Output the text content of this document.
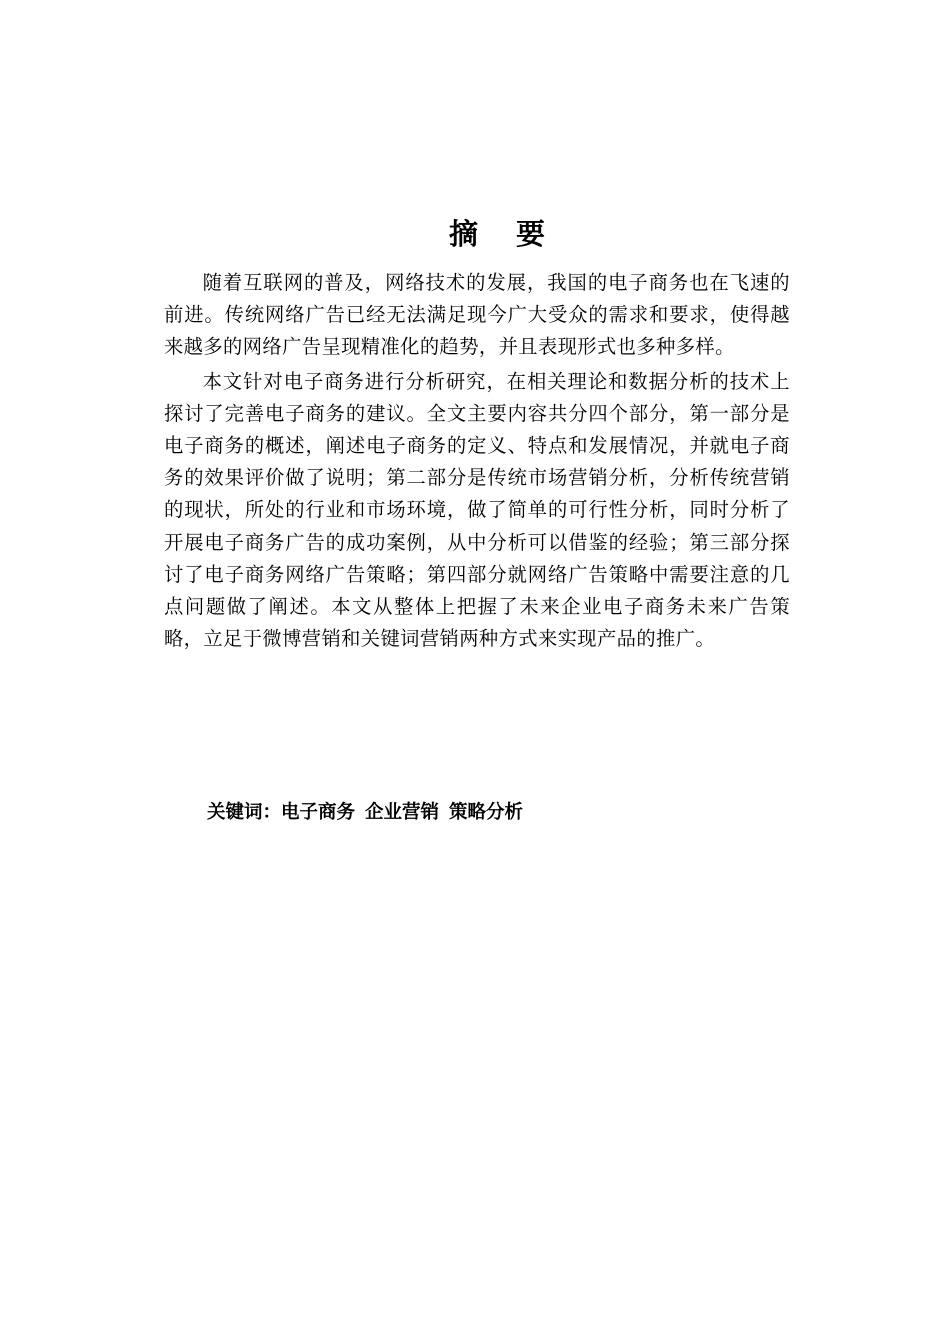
摘 要

随着互联网的普及，网络技术的发展，我国的电子商务也在飞速的前进。传统网络广告已经无法满足现今广大受众的需求和要求，使得越来越多的网络广告呈现精准化的趋势，并且表现形式也多种多样。

本文针对电子商务进行分析研究，在相关理论和数据分析的技术上探讨了完善电子商务的建议。全文主要内容共分四个部分，第一部分是电子商务的概述，阐述电子商务的定义、特点和发展情况，并就电子商务的效果评价做了说明；第二部分是传统市场营销分析，分析传统营销的现状，所处的行业和市场环境，做了简单的可行性分析，同时分析了开展电子商务广告的成功案例，从中分析可以借鉴的经验；第三部分探讨了电子商务网络广告策略；第四部分就网络广告策略中需要注意的几点问题做了阐述。本文从整体上把握了未来企业电子商务未来广告策略，立足于微博营销和关键词营销两种方式来实现产品的推广。

关键词：电子商务 企业营销 策略分析
